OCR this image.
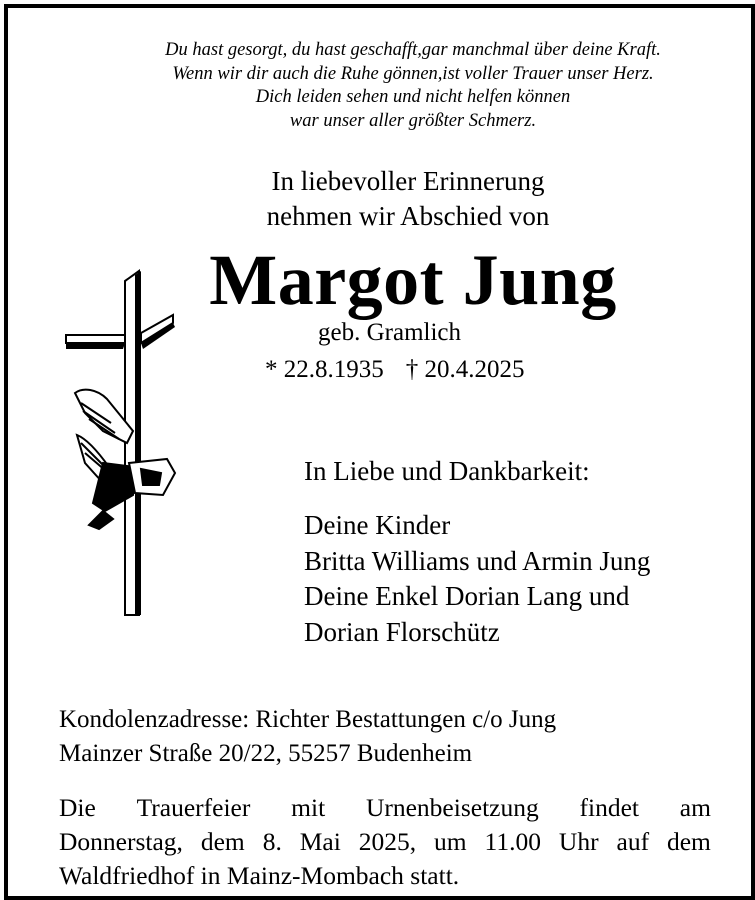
Du hast gesorgt, du hast geschafft,gar manchmal über deine Kraft.
Wenn wir dir auch die Ruhe gönnen,ist voller Trauer unser Herz.
Dich leiden sehen und nicht helfen können
war unser aller größter Schmerz.
In liebevoller Erinnerung
nehmen wir Abschied von
Margot Jung
geb. Gramlich
* 22.8.1935 † 20.4.2025
In Liebe und Dankbarkeit:
Deine Kinder
Britta Williams und Armin Jung
Deine Enkel Dorian Lang und
Dorian Florschütz
Kondolenzadresse: Richter Bestattungen c/o Jung
Mainzer Straße 20/22, 55257 Budenheim
Die Trauerfeier mit Urnenbeisetzung findet am
Donnerstag, dem 8. Mai 2025, um 11.00 Uhr auf dem
Waldfriedhof in Mainz-Mombach statt.
